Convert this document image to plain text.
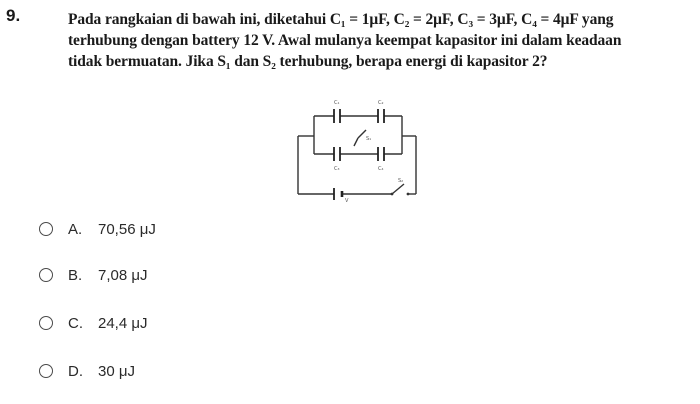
9.	Pada rangkaian di bawah ini, diketahui C₁ = 1μF, C₂ = 2μF, C₃ = 3μF, C₄ = 4μF yang
terhubung dengan battery 12 V. Awal mulanya keempat kapasitor ini dalam keadaan
tidak bermuatan. Jika S₁ dan S₂ terhubung, berapa energi di kapasitor 2?
C₁	C₂
C₃	C₄
S₁
S₂
V
A.	70,56 μJ
B.	7,08 μJ
C.	24,4 μJ
D.	30 μJ
